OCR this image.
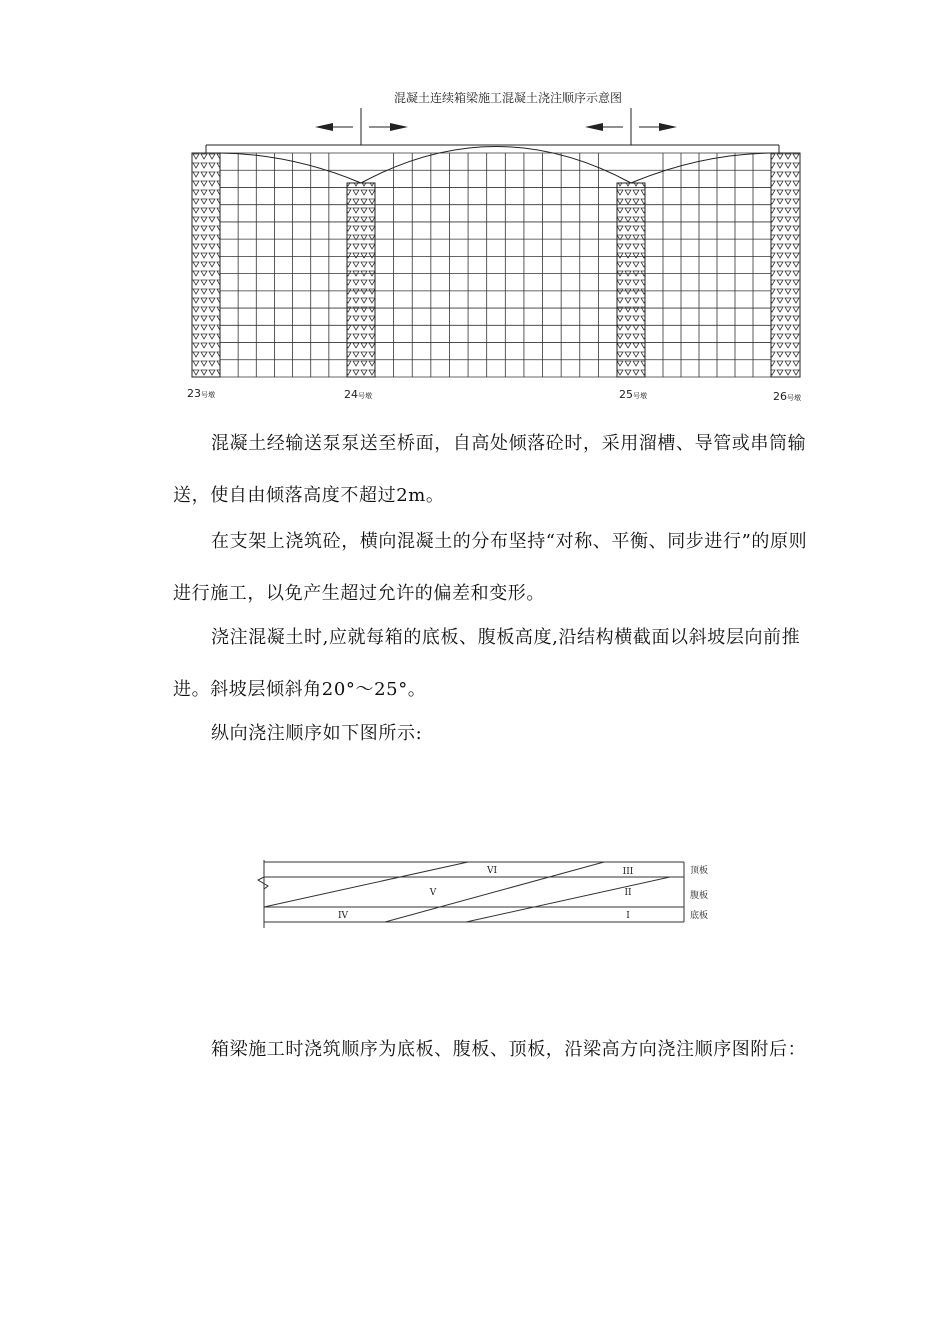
混凝土连续箱梁施工混凝土浇注顺序示意图
23号墩	24号墩	25号墩	26号墩

混凝土经输送泵泵送至桥面，自高处倾落砼时，采用溜槽、导管或串筒输送，使自由倾落高度不超过2m。

在支架上浇筑砼，横向混凝土的分布坚持“对称、平衡、同步进行”的原则进行施工，以免产生超过允许的偏差和变形。

浇注混凝土时,应就每箱的底板、腹板高度,沿结构横截面以斜坡层向前推进。斜坡层倾斜角20°～25°。

纵向浇注顺序如下图所示:

VI	III
V	II
IV	I
顶板
腹板
底板

箱梁施工时浇筑顺序为底板、腹板、顶板，沿梁高方向浇注顺序图附后：
